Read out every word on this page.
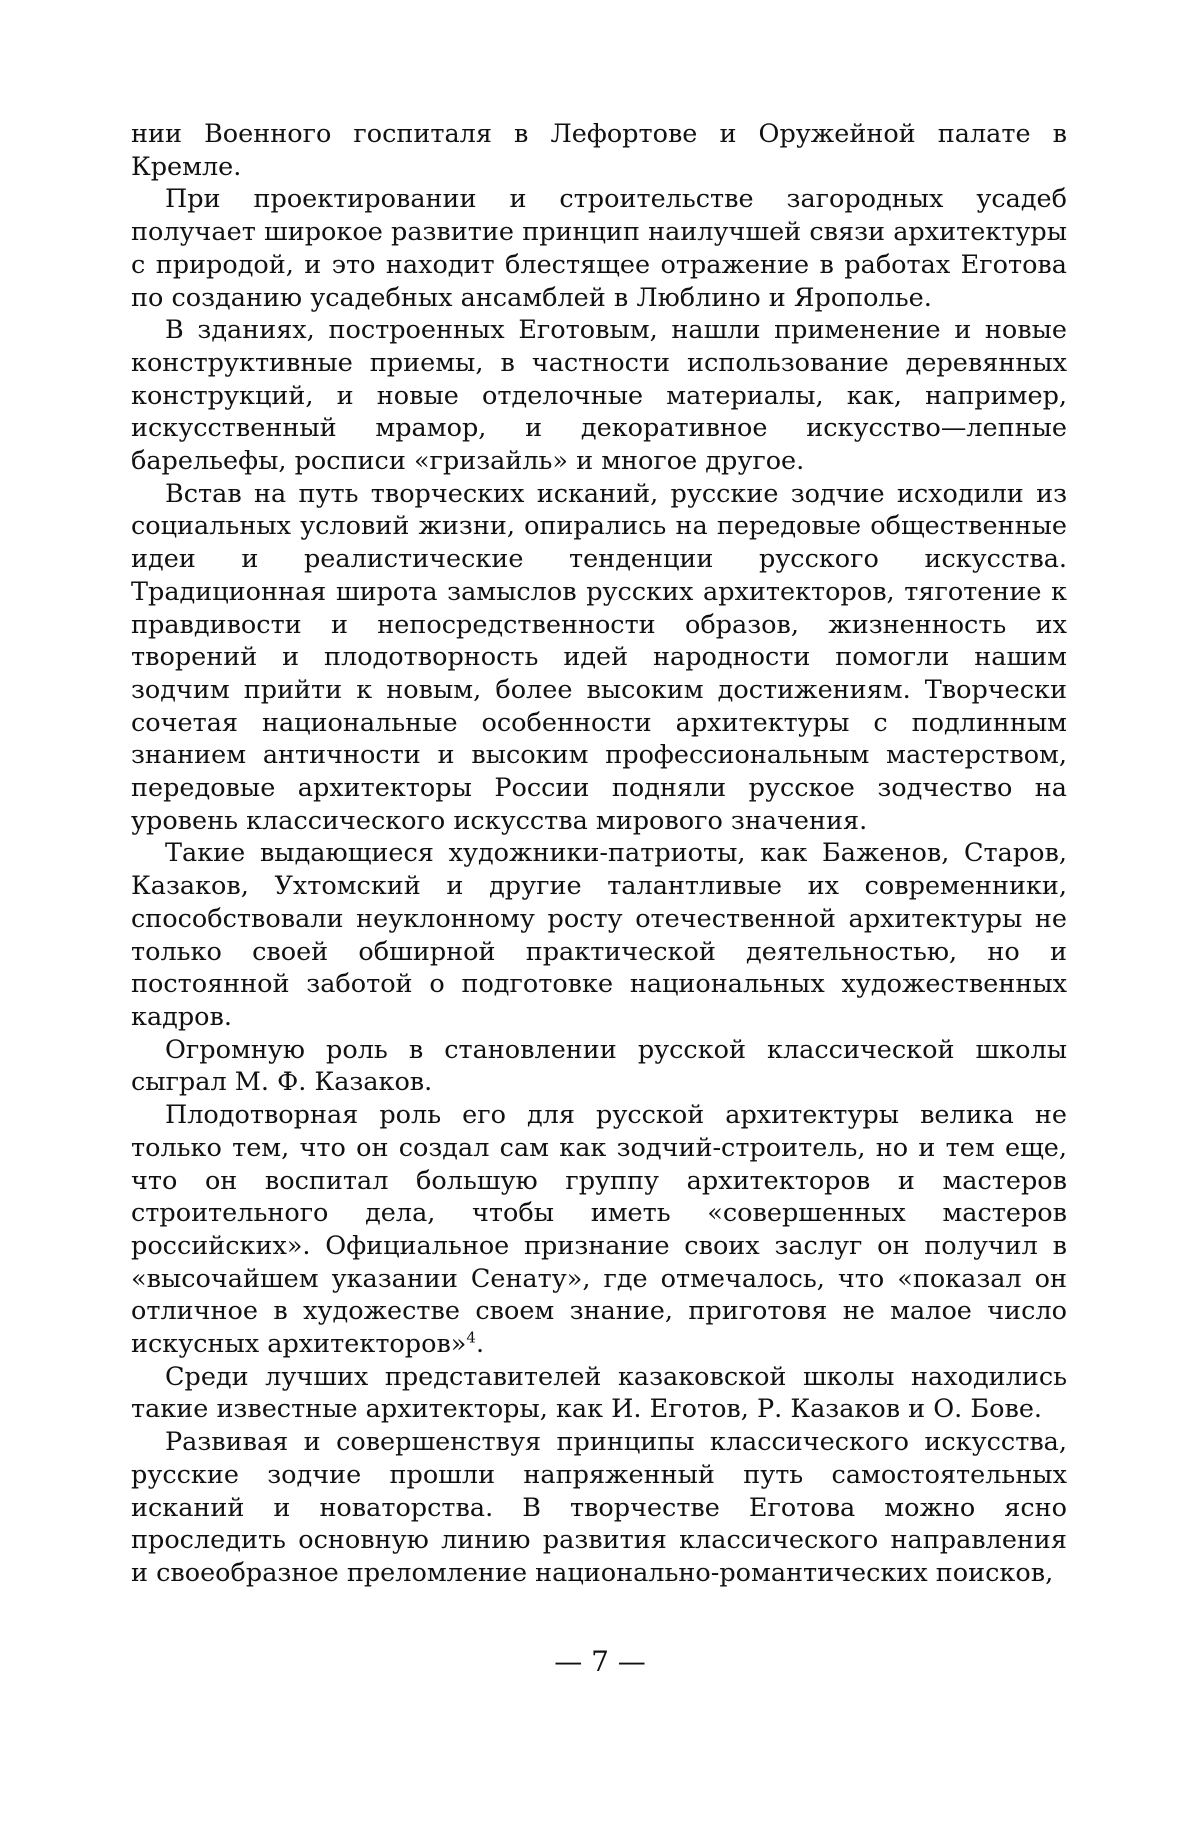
нии Военного госпиталя в Лефортове и Оружейной палате в Кремле.

При проектировании и строительстве загородных усадеб получает широкое развитие принцип наилучшей связи архитектуры с природой, и это находит блестящее отражение в работах Еготова по созданию усадебных ансамблей в Люблино и Ярополье.

В зданиях, построенных Еготовым, нашли применение и новые конструктивные приемы, в частности использование деревянных конструкций, и новые отделочные материалы, как, например, искусственный мрамор, и декоративное искусство—лепные барельефы, росписи «гризайль» и многое другое.

Встав на путь творческих исканий, русские зодчие исходили из социальных условий жизни, опирались на передовые общественные идеи и реалистические тенденции русского искусства. Традиционная широта замыслов русских архитекторов, тяготение к правдивости и непосредственности образов, жизненность их творений и плодотворность идей народности помогли нашим зодчим прийти к новым, более высоким достижениям. Творчески сочетая национальные особенности архитектуры с подлинным знанием античности и высоким профессиональным мастерством, передовые архитекторы России подняли русское зодчество на уровень классического искусства мирового значения.

Такие выдающиеся художники-патриоты, как Баженов, Старов, Казаков, Ухтомский и другие талантливые их современники, способствовали неуклонному росту отечественной архитектуры не только своей обширной практической деятельностью, но и постоянной заботой о подготовке национальных художественных кадров.

Огромную роль в становлении русской классической школы сыграл М. Ф. Казаков.

Плодотворная роль его для русской архитектуры велика не только тем, что он создал сам как зодчий-строитель, но и тем еще, что он воспитал большую группу архитекторов и мастеров строительного дела, чтобы иметь «совершенных мастеров российских». Официальное признание своих заслуг он получил в «высочайшем указании Сенату», где отмечалось, что «показал он отличное в художестве своем знание, приготовя не малое число искусных архитекторов»$^4$.

Среди лучших представителей казаковской школы находились такие известные архитекторы, как И. Еготов, Р. Казаков и О. Бове.

Развивая и совершенствуя принципы классического искусства, русские зодчие прошли напряженный путь самостоятельных исканий и новаторства. В творчестве Еготова можно ясно проследить основную линию развития классического направления и своеобразное преломление национально-романтических поисков,

— 7 —
